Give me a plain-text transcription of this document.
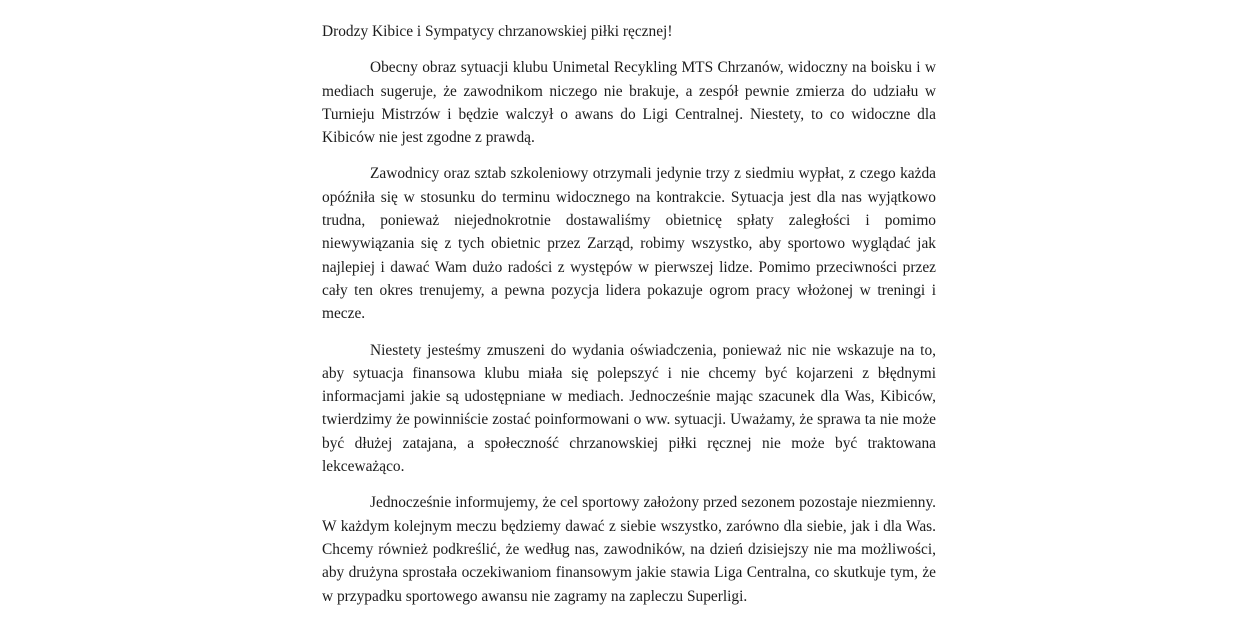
Drodzy Kibice i Sympatycy chrzanowskiej piłki ręcznej!

Obecny obraz sytuacji klubu Unimetal Recykling MTS Chrzanów, widoczny na boisku i w mediach sugeruje, że zawodnikom niczego nie brakuje, a zespół pewnie zmierza do udziału w Turnieju Mistrzów i będzie walczył o awans do Ligi Centralnej. Niestety, to co widoczne dla Kibiców nie jest zgodne z prawdą.

Zawodnicy oraz sztab szkoleniowy otrzymali jedynie trzy z siedmiu wypłat, z czego każda opóźniła się w stosunku do terminu widocznego na kontrakcie. Sytuacja jest dla nas wyjątkowo trudna, ponieważ niejednokrotnie dostawaliśmy obietnicę spłaty zaległości i pomimo niewywiązania się z tych obietnic przez Zarząd, robimy wszystko, aby sportowo wyglądać jak najlepiej i dawać Wam dużo radości z występów w pierwszej lidze. Pomimo przeciwności przez cały ten okres trenujemy, a pewna pozycja lidera pokazuje ogrom pracy włożonej w treningi i mecze.

Niestety jesteśmy zmuszeni do wydania oświadczenia, ponieważ nic nie wskazuje na to, aby sytuacja finansowa klubu miała się polepszyć i nie chcemy być kojarzeni z błędnymi informacjami jakie są udostępniane w mediach. Jednocześnie mając szacunek dla Was, Kibiców, twierdzimy że powinniście zostać poinformowani o ww. sytuacji. Uważamy, że sprawa ta nie może być dłużej zatajana, a społeczność chrzanowskiej piłki ręcznej nie może być traktowana lekceważąco.

Jednocześnie informujemy, że cel sportowy założony przed sezonem pozostaje niezmienny. W każdym kolejnym meczu będziemy dawać z siebie wszystko, zarówno dla siebie, jak i dla Was. Chcemy również podkreślić, że według nas, zawodników, na dzień dzisiejszy nie ma możliwości, aby drużyna sprostała oczekiwaniom finansowym jakie stawia Liga Centralna, co skutkuje tym, że w przypadku sportowego awansu nie zagramy na zapleczu Superligi.
